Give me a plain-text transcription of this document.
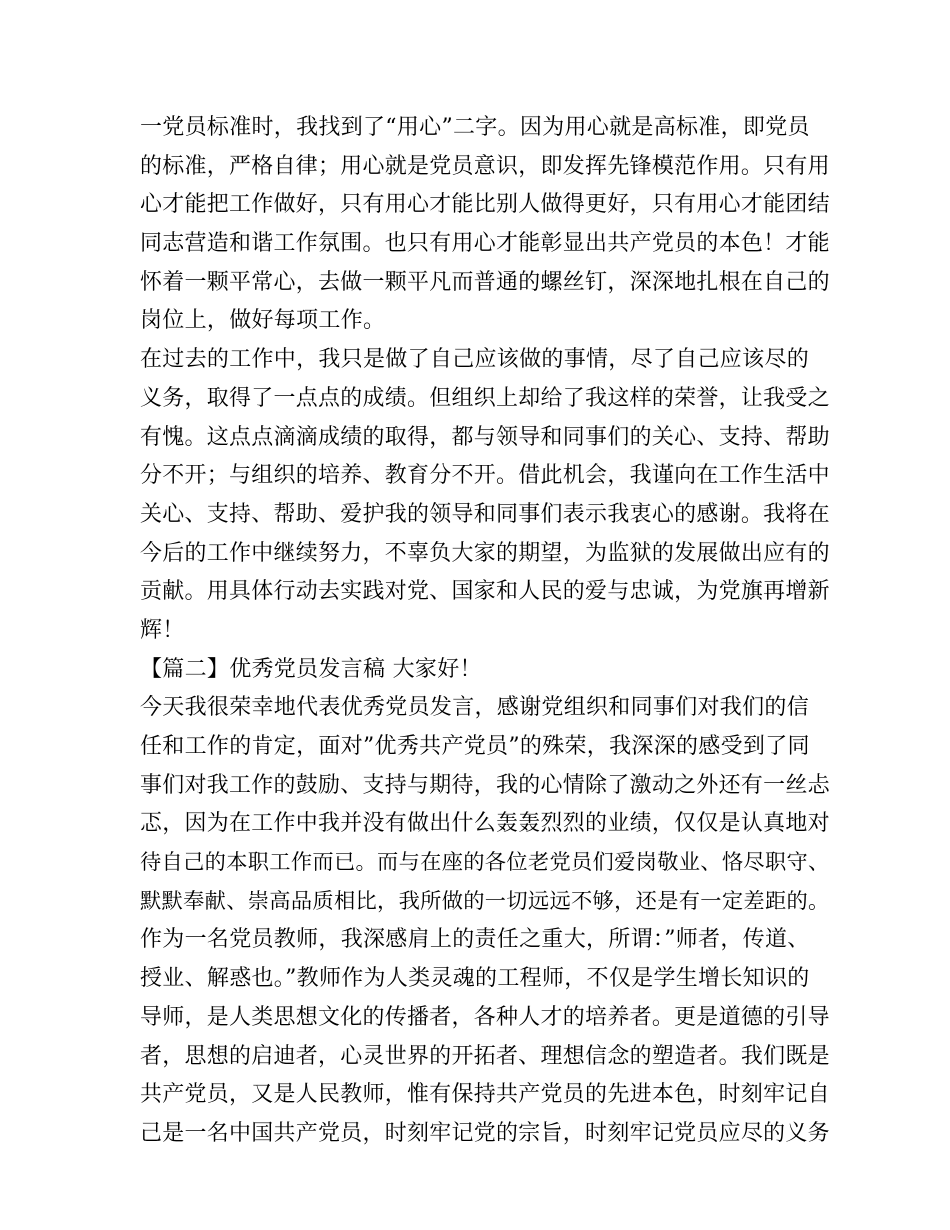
一党员标准时，我找到了“用心”二字。因为用心就是高标准，即党员
的标准，严格自律；用心就是党员意识，即发挥先锋模范作用。只有用
心才能把工作做好，只有用心才能比别人做得更好，只有用心才能团结
同志营造和谐工作氛围。也只有用心才能彰显出共产党员的本色！才能
怀着一颗平常心，去做一颗平凡而普通的螺丝钉，深深地扎根在自己的
岗位上，做好每项工作。
在过去的工作中，我只是做了自己应该做的事情，尽了自己应该尽的
义务，取得了一点点的成绩。但组织上却给了我这样的荣誉，让我受之
有愧。这点点滴滴成绩的取得，都与领导和同事们的关心、支持、帮助
分不开；与组织的培养、教育分不开。借此机会，我谨向在工作生活中
关心、支持、帮助、爱护我的领导和同事们表示我衷心的感谢。我将在
今后的工作中继续努力，不辜负大家的期望，为监狱的发展做出应有的
贡献。用具体行动去实践对党、国家和人民的爱与忠诚，为党旗再增新
辉！
【篇二】优秀党员发言稿 大家好！
今天我很荣幸地代表优秀党员发言，感谢党组织和同事们对我们的信
任和工作的肯定，面对”优秀共产党员”的殊荣，我深深的感受到了同
事们对我工作的鼓励、支持与期待，我的心情除了激动之外还有一丝忐
忑，因为在工作中我并没有做出什么轰轰烈烈的业绩，仅仅是认真地对
待自己的本职工作而已。而与在座的各位老党员们爱岗敬业、恪尽职守、
默默奉献、崇高品质相比，我所做的一切远远不够，还是有一定差距的。
作为一名党员教师，我深感肩上的责任之重大，所谓：”师者，传道、
授业、解惑也。”教师作为人类灵魂的工程师，不仅是学生增长知识的
导师，是人类思想文化的传播者，各种人才的培养者。更是道德的引导
者，思想的启迪者，心灵世界的开拓者、理想信念的塑造者。我们既是
共产党员，又是人民教师，惟有保持共产党员的先进本色，时刻牢记自
己是一名中国共产党员，时刻牢记党的宗旨，时刻牢记党员应尽的义务
